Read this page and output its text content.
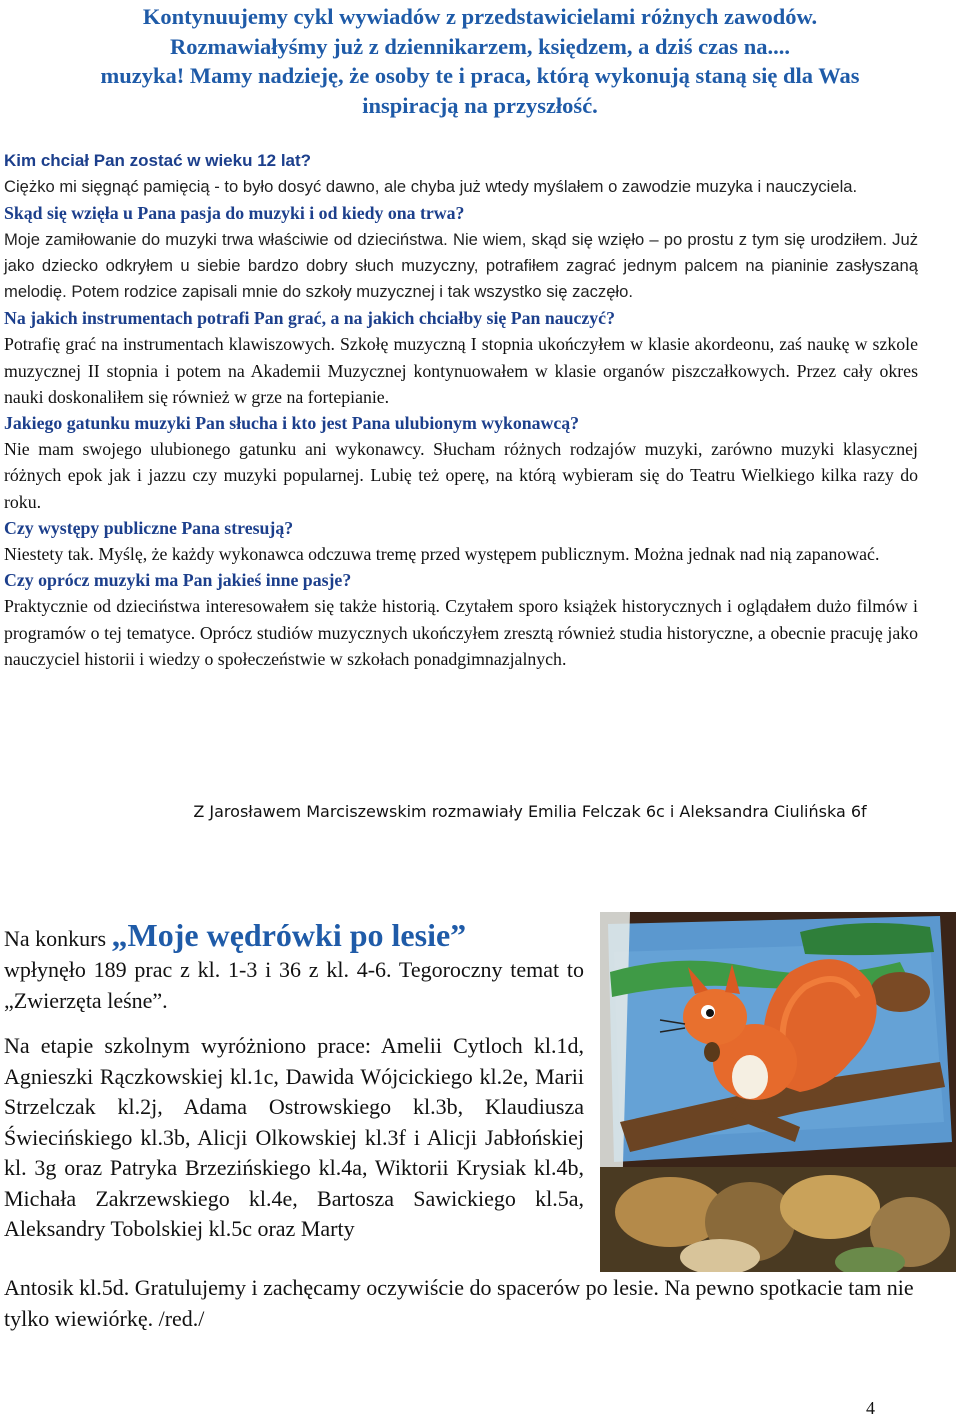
Kontynuujemy cykl wywiadów z przedstawicielami różnych zawodów.
Rozmawiałyśmy już z dziennikarzem, księdzem, a dziś czas na....
muzyka! Mamy nadzieję, że osoby te i praca, którą wykonują staną się dla Was
inspiracją na przyszłość.

Kim chciał Pan zostać w wieku 12 lat?

Ciężko mi sięgnąć pamięcią - to było dosyć dawno, ale chyba już wtedy myślałem o zawodzie muzyka i nauczyciela.

Skąd się wzięła u Pana pasja do muzyki i od kiedy ona trwa?

Moje zamiłowanie do muzyki trwa właściwie od dzieciństwa. Nie wiem, skąd się wzięło – po prostu z tym się urodziłem. Już jako dziecko odkryłem u siebie bardzo dobry słuch muzyczny, potrafiłem zagrać jednym palcem na pianinie zasłyszaną melodię. Potem rodzice zapisali mnie do szkoły muzycznej i tak wszystko się zaczęło.

Na jakich instrumentach potrafi Pan grać, a na jakich chciałby się Pan nauczyć?

Potrafię grać na instrumentach klawiszowych. Szkołę muzyczną I stopnia ukończyłem w klasie akordeonu, zaś naukę w szkole muzycznej II stopnia i potem na Akademii Muzycznej kontynuowałem w klasie organów piszczałkowych. Przez cały okres nauki doskonaliłem się również w grze na fortepianie.

Jakiego gatunku muzyki Pan słucha i kto jest Pana ulubionym wykonawcą?

Nie mam swojego ulubionego gatunku ani wykonawcy. Słucham różnych rodzajów muzyki, zarówno muzyki klasycznej różnych epok jak i jazzu czy muzyki popularnej. Lubię też operę, na którą wybieram się do Teatru Wielkiego kilka razy do roku.

Czy występy publiczne Pana stresują?

Niestety tak. Myślę, że każdy wykonawca odczuwa tremę przed występem publicznym. Można jednak nad nią zapanować.

Czy oprócz muzyki ma Pan jakieś inne pasje?

Praktycznie od dzieciństwa interesowałem się także historią. Czytałem sporo książek historycznych i oglądałem dużo filmów i programów o tej tematyce. Oprócz studiów muzycznych ukończyłem zresztą również studia historyczne, a obecnie pracuję jako nauczyciel historii i wiedzy o społeczeństwie w szkołach ponadgimnazjalnych.

Z Jarosławem Marciszewskim rozmawiały Emilia Felczak 6c i Aleksandra Ciulińska 6f
Na konkurs „Moje wędrówki po lesie”
wpłynęło 189 prac z kl. 1-3 i 36 z kl. 4-6. Tegoroczny temat to „Zwierzęta leśne”.
Na etapie szkolnym wyróżniono prace: Amelii Cytloch kl.1d, Agnieszki Rączkowskiej kl.1c, Dawida Wójcickiego kl.2e, Marii Strzelczak kl.2j, Adama Ostrowskiego kl.3b, Klaudiusza Świecińskiego kl.3b, Alicji Olkowskiej kl.3f i Alicji Jabłońskiej kl. 3g oraz Patryka Brzezińskiego kl.4a, Wiktorii Krysiak kl.4b, Michała Zakrzewskiego kl.4e, Bartosza Sawickiego kl.5a, Aleksandry Tobolskiej kl.5c oraz Marty
Antosik kl.5d. Gratulujemy i zachęcamy oczywiście do spacerów po lesie. Na pewno spotkacie tam nie tylko wiewiórkę. /red./
4
